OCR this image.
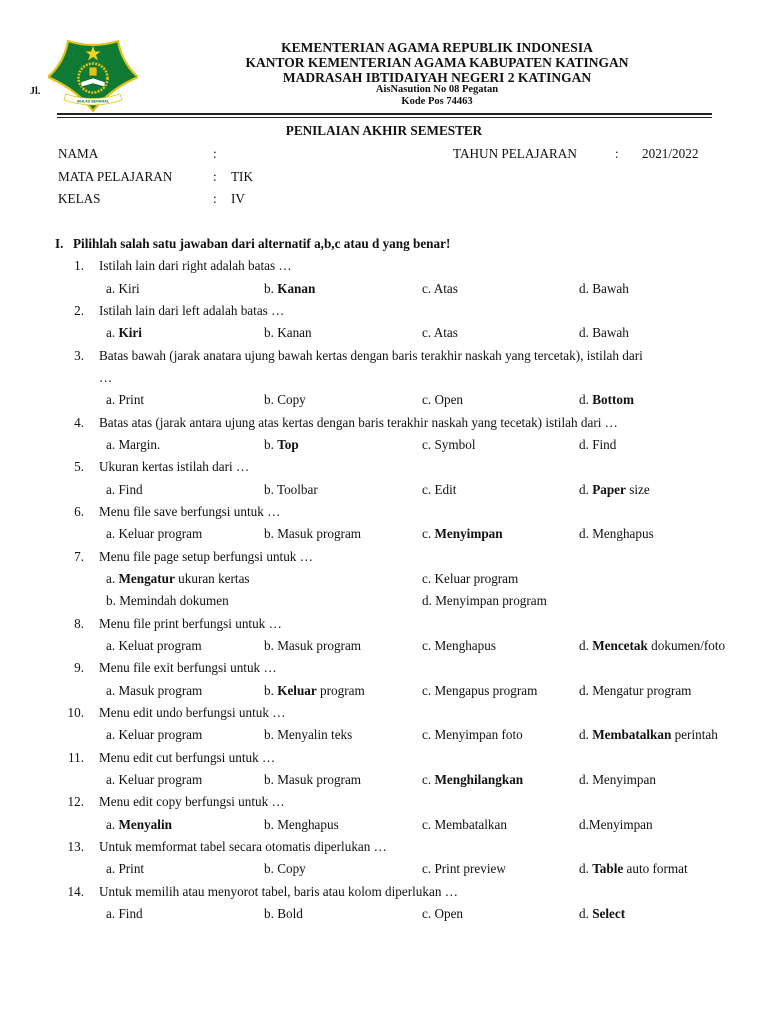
IKHLAS BERAMAL
Jl.
KEMENTERIAN AGAMA REPUBLIK INDONESIA
KANTOR KEMENTERIAN AGAMA KABUPATEN KATINGAN
MADRASAH IBTIDAIYAH NEGERI 2 KATINGAN
AisNasution No 08 Pegatan
Kode Pos 74463
PENILAIAN AKHIR SEMESTER
NAMA	:	TAHUN PELAJARAN	: 2021/2022
MATA PELAJARAN	: TIK
KELAS	: IV
I. Pilihlah salah satu jawaban dari alternatif a,b,c atau d yang benar!
1. Istilah lain dari right adalah batas …
a. Kiri	b. Kanan	c. Atas	d. Bawah
2. Istilah lain dari left adalah batas …
a. Kiri	b. Kanan	c. Atas	d. Bawah
3. Batas bawah (jarak anatara ujung bawah kertas dengan baris terakhir naskah yang tercetak), istilah dari
…
a. Print	b. Copy	c. Open	d. Bottom
4. Batas atas (jarak antara ujung atas kertas dengan baris terakhir naskah yang tecetak) istilah dari …
a. Margin.	b. Top	c. Symbol	d. Find
5. Ukuran kertas istilah dari …
a. Find	b. Toolbar	c. Edit	d. Paper size
6. Menu file save berfungsi untuk …
a. Keluar program	b. Masuk program	c. Menyimpan	d. Menghapus
7. Menu file page setup berfungsi untuk …
a. Mengatur ukuran kertas	c. Keluar program
b. Memindah dokumen	d. Menyimpan program
8. Menu file print berfungsi untuk …
a. Keluat program	b. Masuk program	c. Menghapus	d. Mencetak dokumen/foto
9. Menu file exit berfungsi untuk …
a. Masuk program	b. Keluar program	c. Mengapus program	d. Mengatur program
10. Menu edit undo berfungsi untuk …
a. Keluar program	b. Menyalin teks	c. Menyimpan foto	d. Membatalkan perintah
11. Menu edit cut berfungsi untuk …
a. Keluar program	b. Masuk program	c. Menghilangkan	d. Menyimpan
12. Menu edit copy berfungsi untuk …
a. Menyalin	b. Menghapus	c. Membatalkan	d.Menyimpan
13. Untuk memformat tabel secara otomatis diperlukan …
a. Print	b. Copy	c. Print preview	d. Table auto format
14. Untuk memilih atau menyorot tabel, baris atau kolom diperlukan …
a. Find	b. Bold	c. Open	d. Select
